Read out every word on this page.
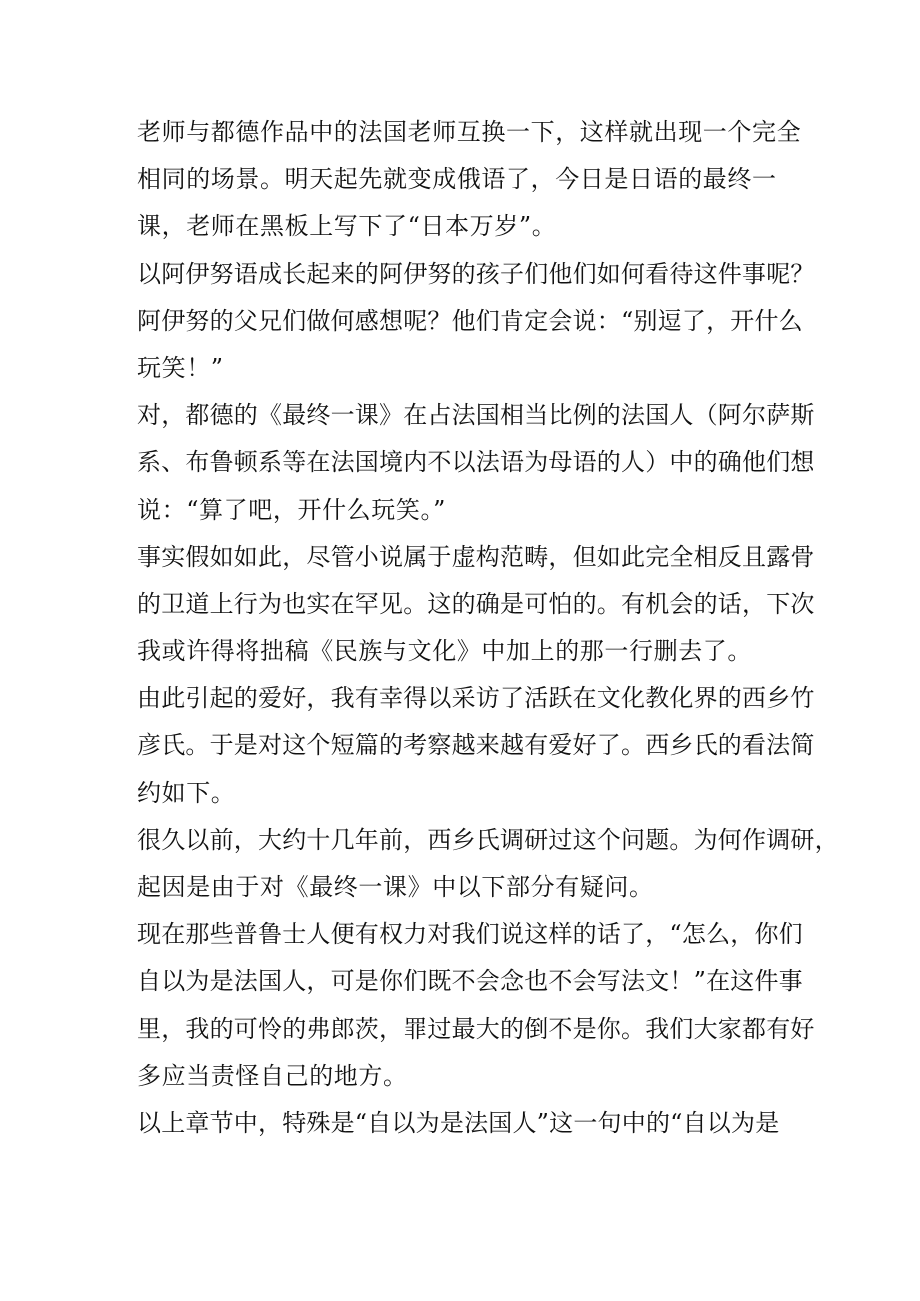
老师与都德作品中的法国老师互换一下，这样就出现一个完全
相同的场景。明天起先就变成俄语了，今日是日语的最终一
课，老师在黑板上写下了“日本万岁”。
以阿伊努语成长起来的阿伊努的孩子们他们如何看待这件事呢？
阿伊努的父兄们做何感想呢？他们肯定会说：“别逗了，开什么
玩笑！”
对，都德的《最终一课》在占法国相当比例的法国人（阿尔萨斯
系、布鲁顿系等在法国境内不以法语为母语的人）中的确他们想
说：“算了吧，开什么玩笑。”
事实假如如此，尽管小说属于虚构范畴，但如此完全相反且露骨
的卫道上行为也实在罕见。这的确是可怕的。有机会的话，下次
我或许得将拙稿《民族与文化》中加上的那一行删去了。
由此引起的爱好，我有幸得以采访了活跃在文化教化界的西乡竹
彦氏。于是对这个短篇的考察越来越有爱好了。西乡氏的看法简
约如下。
很久以前，大约十几年前，西乡氏调研过这个问题。为何作调研，
起因是由于对《最终一课》中以下部分有疑问。
现在那些普鲁士人便有权力对我们说这样的话了，“怎么，你们
自以为是法国人，可是你们既不会念也不会写法文！”在这件事
里，我的可怜的弗郎茨，罪过最大的倒不是你。我们大家都有好
多应当责怪自己的地方。
以上章节中，特殊是“自以为是法国人”这一句中的“自以为是
